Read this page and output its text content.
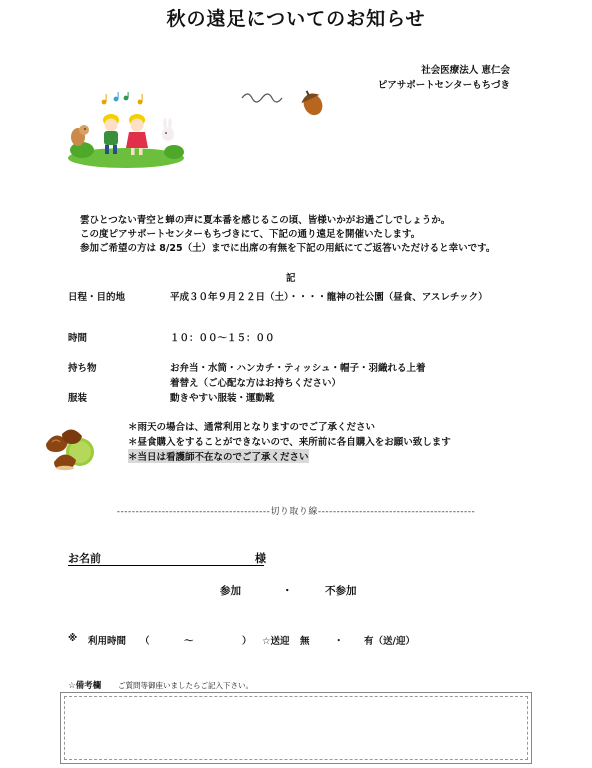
秋の遠足についてのお知らせ
社会医療法人 恵仁会
ピアサポートセンターもちづき
雲ひとつない青空と蝉の声に夏本番を感じるこの頃、皆様いかがお過ごしでしょうか。
この度ピアサポートセンターもちづきにて、下記の通り遠足を開催いたします。
参加ご希望の方は 8/25（土）までに出席の有無を下記の用紙にてご返答いただけると幸いです。
記
日程・目的地	平成３０年９月２２日（土）・・・・龍神の社公園（昼食、アスレチック）
時間	１０：００～１５：００
持ち物	お弁当・水筒・ハンカチ・ティッシュ・帽子・羽織れる上着
着替え（ご心配な方はお持ちください）
服装	動きやすい服装・運動靴
＊雨天の場合は、通常利用となりますのでご了承ください
＊昼食購入をすることができないので、来所前に各自購入をお願い致します
＊当日は看護師不在なのでご了承ください
-----------------------------------------切り取り線------------------------------------------
お名前	様
参加	・	不参加
※ 利用時間 （	～	） ☆送迎 無	・ 有（送/迎）
☆備考欄 ご質問等御座いましたらご記入下さい。
